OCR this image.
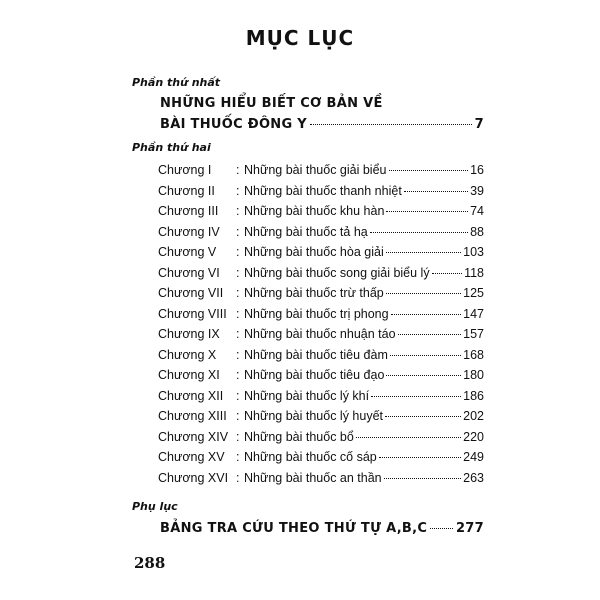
MỤC LỤC
Phần thứ nhất
NHỮNG HIỂU BIẾT CƠ BẢN VỀ
BÀI THUỐC ĐÔNG Y	7
Phần thứ hai
Chương I	: Những bài thuốc giải biểu	16
Chương II	: Những bài thuốc thanh nhiệt	39
Chương III	: Những bài thuốc khu hàn	74
Chương IV	: Những bài thuốc tả hạ	88
Chương V	: Những bài thuốc hòa giải	103
Chương VI	: Những bài thuốc song giải biểu lý	118
Chương VII	: Những bài thuốc trừ thấp	125
Chương VIII : Những bài thuốc trị phong	147
Chương IX	: Những bài thuốc nhuận táo	157
Chương X	: Những bài thuốc tiêu đàm	168
Chương XI	: Những bài thuốc tiêu đạo	180
Chương XII	: Những bài thuốc lý khí	186
Chương XIII : Những bài thuốc lý huyết	202
Chương XIV : Những bài thuốc bổ	220
Chương XV : Những bài thuốc cố sáp	249
Chương XVI : Những bài thuốc an thần	263
Phụ lục
BẢNG TRA CỨU THEO THỨ TỰ A,B,C 277
288
